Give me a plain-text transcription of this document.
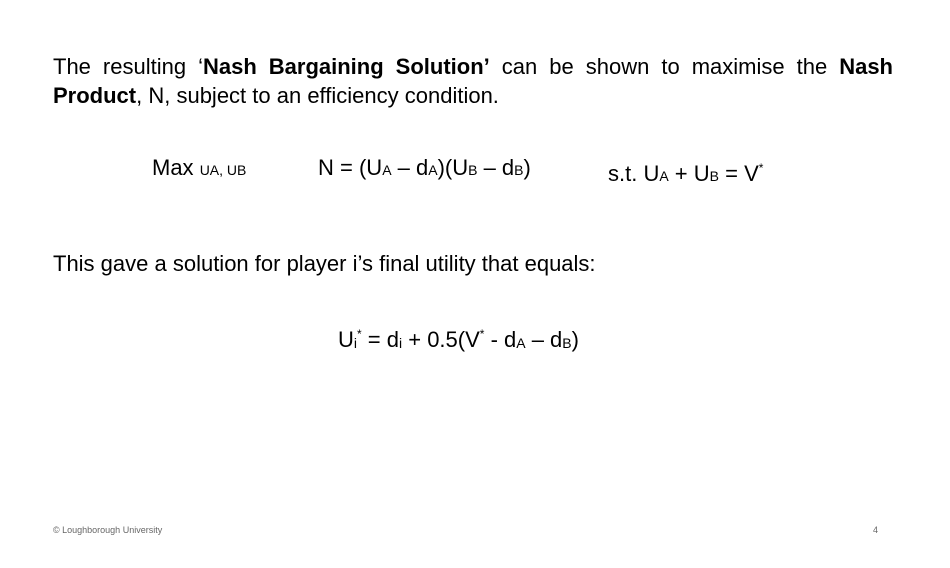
The resulting ‘Nash Bargaining Solution’ can be shown to maximise the Nash Product, N, subject to an efficiency condition.

Max UA, UB	N = (UA – dA)(UB – dB)	s.t. UA + UB = V*

This gave a solution for player i’s final utility that equals:

Ui* = di + 0.5(V* - dA – dB)
© Loughborough University	4
